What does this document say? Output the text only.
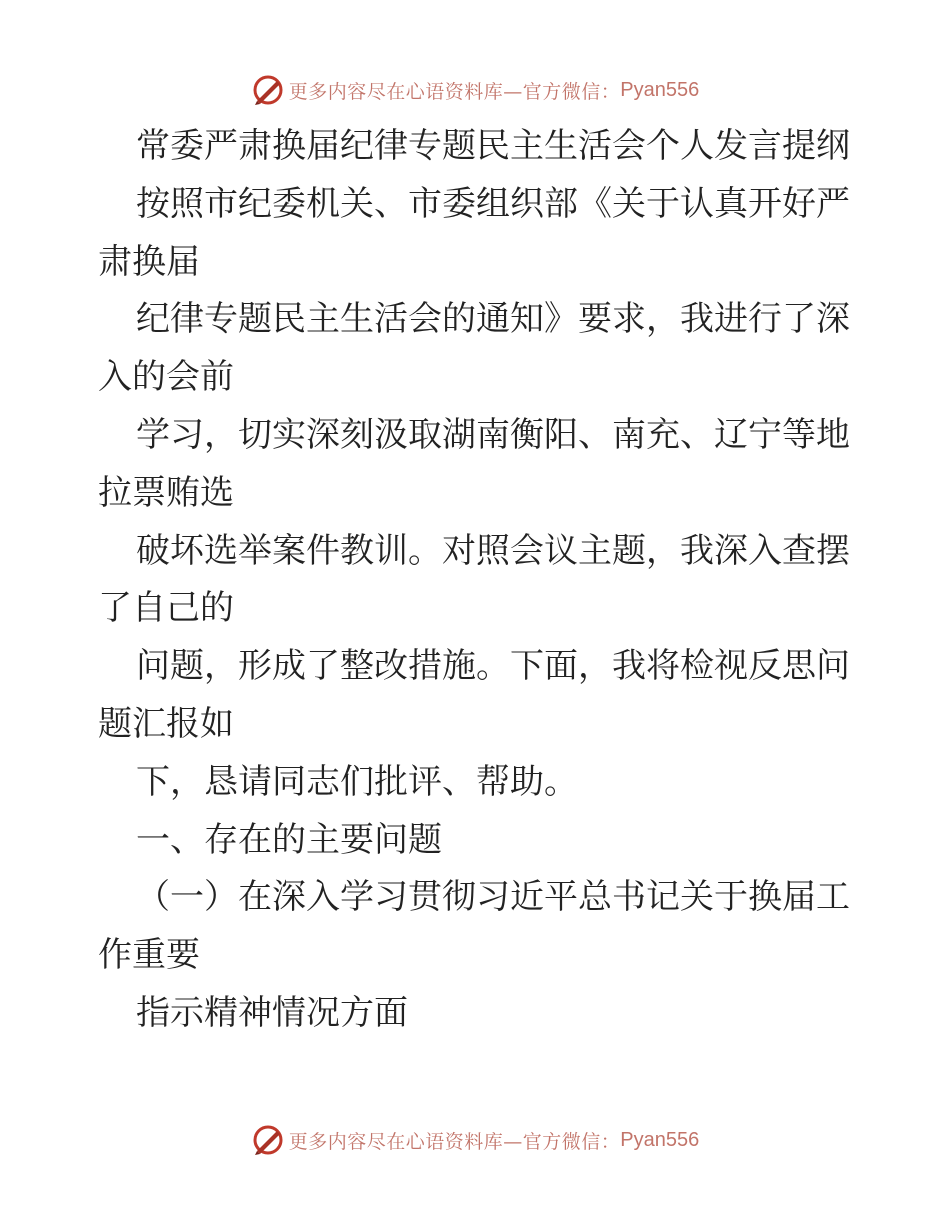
更多内容尽在心语资料库—官方微信： Pyan556
常委严肃换届纪律专题民主生活会个人发言提纲
按照市纪委机关、市委组织部《关于认真开好严
肃换届
纪律专题民主生活会的通知》要求，我进行了深
入的会前
学习，切实深刻汲取湖南衡阳、南充、辽宁等地
拉票贿选
破坏选举案件教训。对照会议主题，我深入查摆
了自己的
问题，形成了整改措施。下面，我将检视反思问
题汇报如
下，恳请同志们批评、帮助。
一、存在的主要问题
（一）在深入学习贯彻习近平总书记关于换届工
作重要
指示精神情况方面
更多内容尽在心语资料库—官方微信： Pyan556
